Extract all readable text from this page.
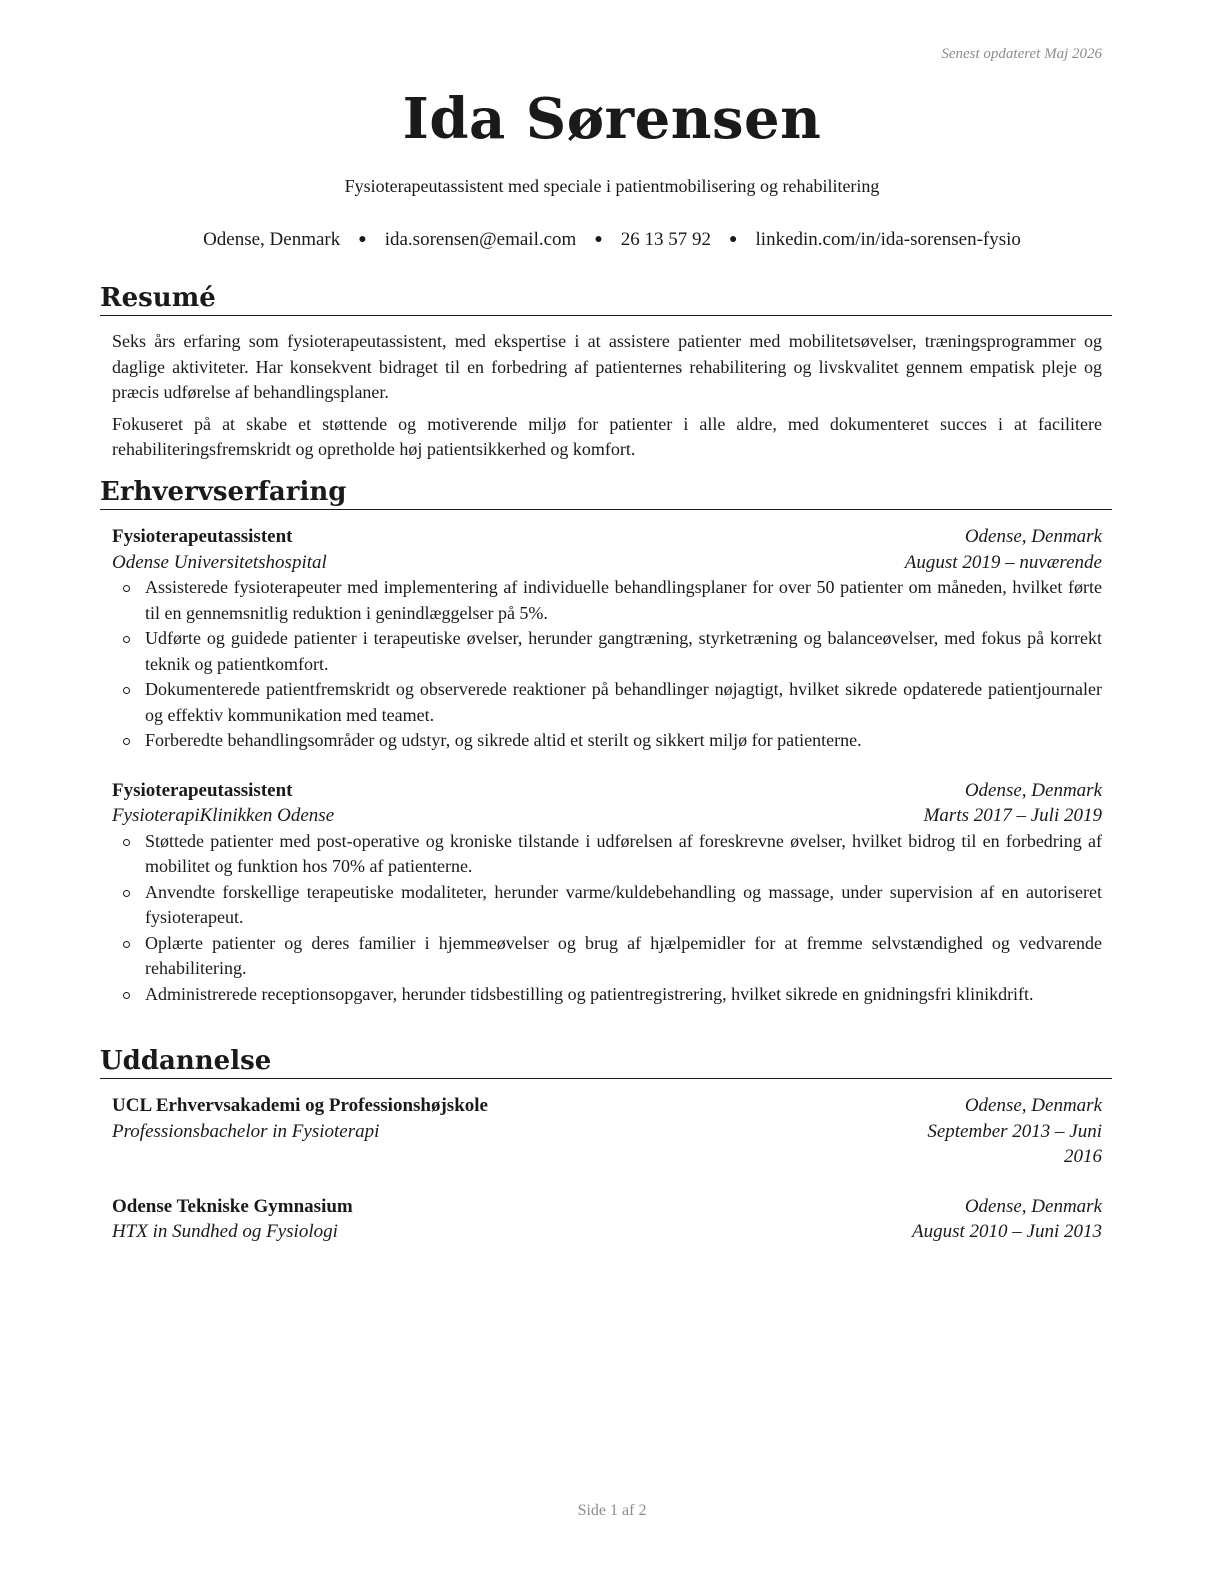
Senest opdateret Maj 2026
Ida Sørensen
Fysioterapeutassistent med speciale i patientmobilisering og rehabilitering
Odense, Denmark ● ida.sorensen@email.com ● 26 13 57 92 ● linkedin.com/in/ida-sorensen-fysio
Resumé

Seks års erfaring som fysioterapeutassistent, med ekspertise i at assistere patienter med mobilitetsøvelser, træningsprogrammer og daglige aktiviteter. Har konsekvent bidraget til en forbedring af patienternes rehabilitering og livskvalitet gennem empatisk pleje og præcis udførelse af behandlingsplaner.

Fokuseret på at skabe et støttende og motiverende miljø for patienter i alle aldre, med dokumenteret succes i at facilitere rehabiliteringsfremskridt og opretholde høj patientsikkerhed og komfort.

Erhvervserfaring
Fysioterapeutassistent	Odense, Denmark
Odense Universitetshospital	August 2019 – nuværende
Assisterede fysioterapeuter med implementering af individuelle behandlingsplaner for over 50 patienter om måneden, hvilket førte til en gennemsnitlig reduktion i genindlæggelser på 5%.
Udførte og guidede patienter i terapeutiske øvelser, herunder gangtræning, styrketræning og balanceøvelser, med fokus på korrekt teknik og patientkomfort.
Dokumenterede patientfremskridt og observerede reaktioner på behandlinger nøjagtigt, hvilket sikrede opdaterede patientjournaler og effektiv kommunikation med teamet.
Forberedte behandlingsområder og udstyr, og sikrede altid et sterilt og sikkert miljø for patienterne.
Fysioterapeutassistent	Odense, Denmark
FysioterapiKlinikken Odense	Marts 2017 – Juli 2019
Støttede patienter med post-operative og kroniske tilstande i udførelsen af foreskrevne øvelser, hvilket bidrog til en forbedring af mobilitet og funktion hos 70% af patienterne.
Anvendte forskellige terapeutiske modaliteter, herunder varme/kuldebehandling og massage, under supervision af en autoriseret fysioterapeut.
Oplærte patienter og deres familier i hjemmeøvelser og brug af hjælpemidler for at fremme selvstændighed og vedvarende rehabilitering.
Administrerede receptionsopgaver, herunder tidsbestilling og patientregistrering, hvilket sikrede en gnidningsfri klinikdrift.
Uddannelse
UCL Erhvervsakademi og Professionshøjskole	Odense, Denmark
Professionsbachelor in Fysioterapi	September 2013 – Juni
2016
Odense Tekniske Gymnasium	Odense, Denmark
HTX in Sundhed og Fysiologi	August 2010 – Juni 2013
Side 1 af 2
